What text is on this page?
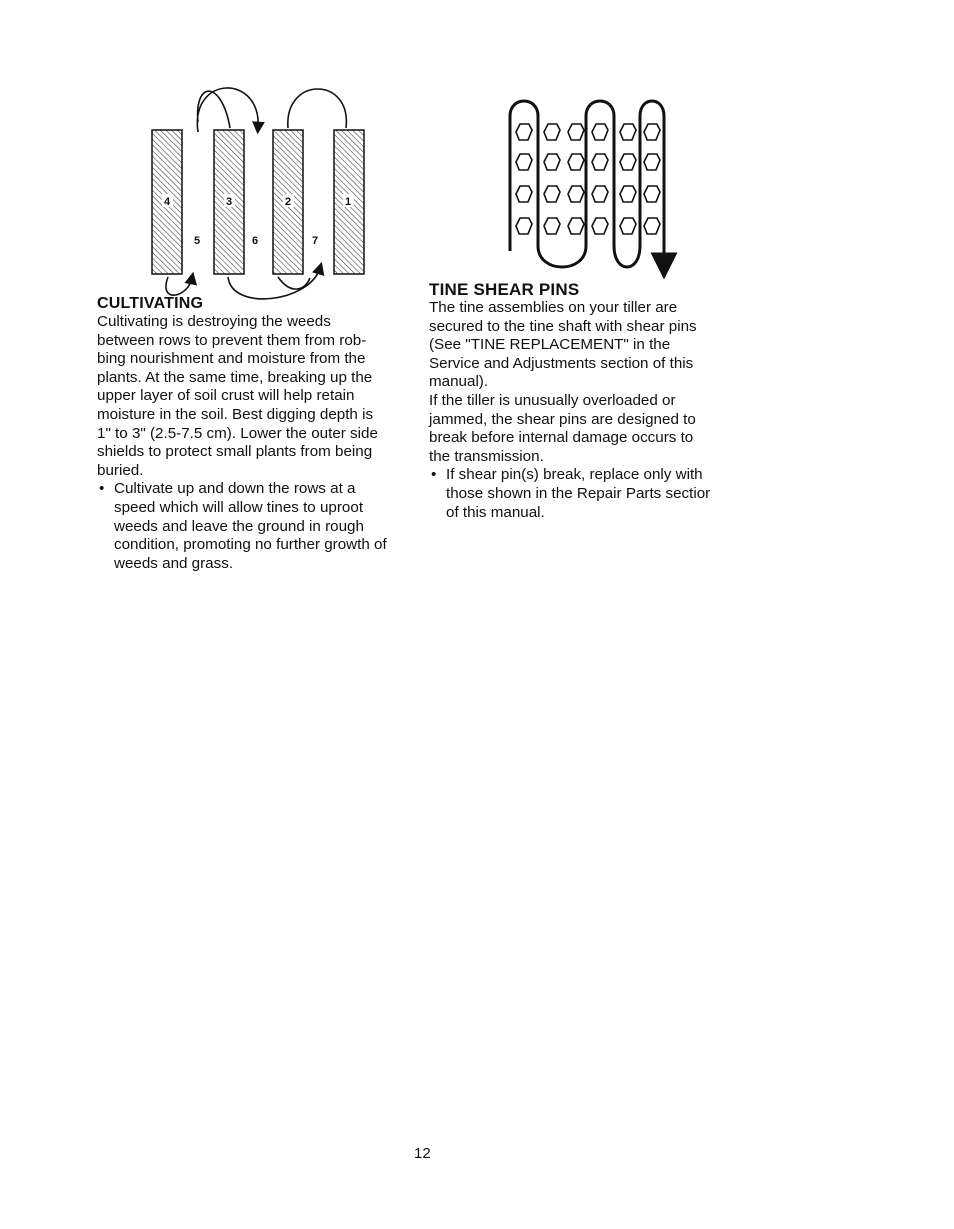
4	3	2	1
5	6	7
CULTIVATING

Cultivating is destroying the weeds
between rows to prevent them from rob-
bing nourishment and moisture from the
plants. At the same time, breaking up the
upper layer of soil crust will help retain
moisture in the soil. Best digging depth is
1" to 3" (2.5-7.5 cm). Lower the outer side
shields to protect small plants from being
buried.

• Cultivate up and down the rows at a
speed which will allow tines to uproot
weeds and leave the ground in rough
condition, promoting no further growth of
weeds and grass.
TINE SHEAR PINS

The tine assemblies on your tiller are
secured to the tine shaft with shear pins
(See "TINE REPLACEMENT" in the
Service and Adjustments section of this
manual).
If the tiller is unusually overloaded or
jammed, the shear pins are designed to
break before internal damage occurs to
the transmission.

• If shear pin(s) break, replace only with
those shown in the Repair Parts sectior
of this manual.
12
